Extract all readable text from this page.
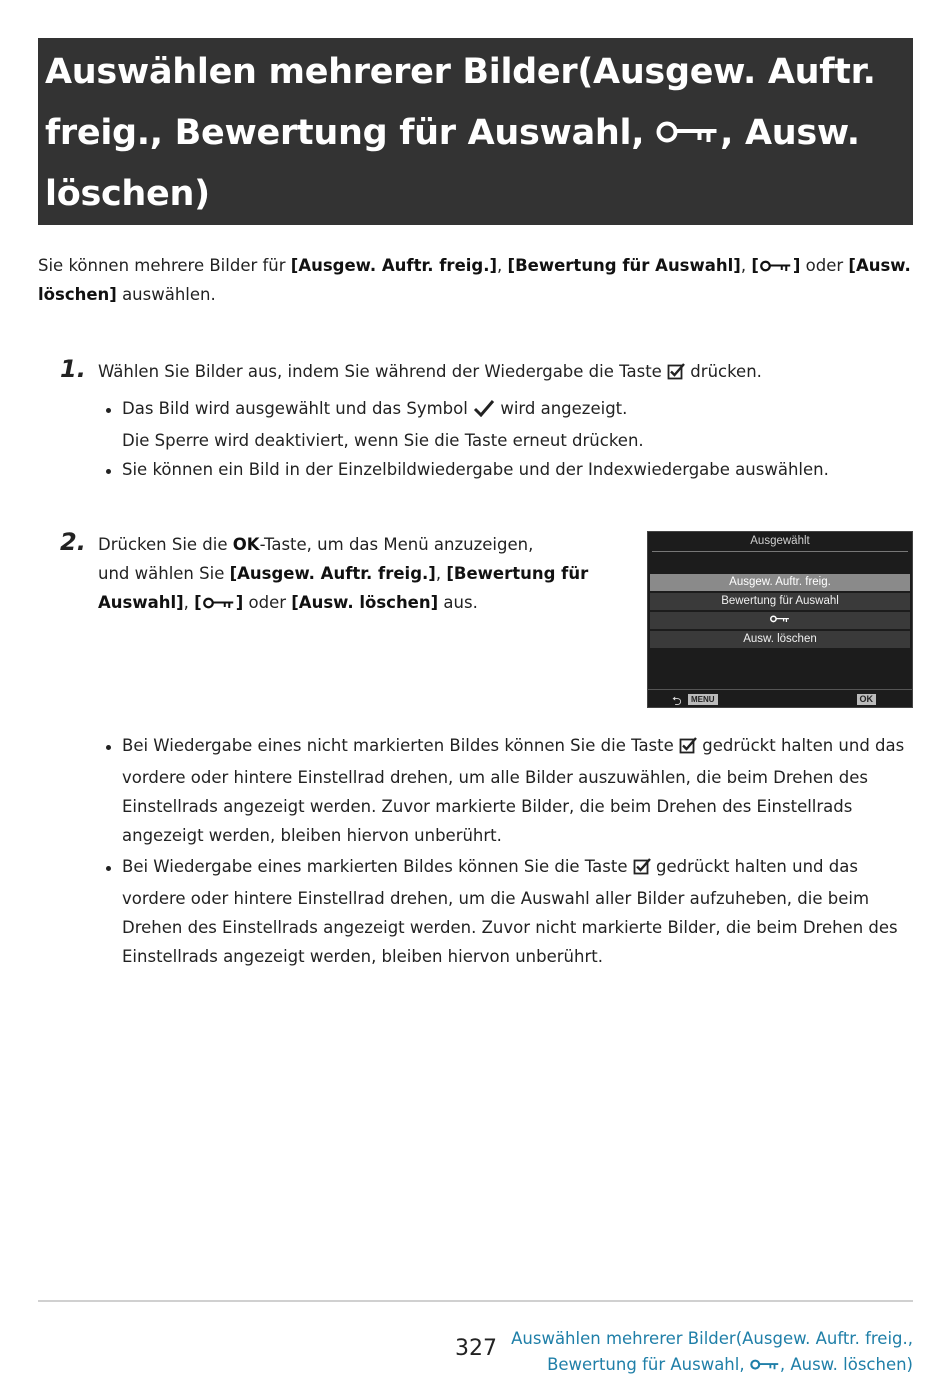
Auswählen mehrerer Bilder(Ausgew. Auftr.
freig., Bewertung für Auswahl, , Ausw.
löschen)
Sie können mehrere Bilder für [Ausgew. Auftr. freig.], [Bewertung für Auswahl], [ ] oder [Ausw.
löschen] auswählen.
1. Wählen Sie Bilder aus, indem Sie während der Wiedergabe die Taste  drücken.
Das Bild wird ausgewählt und das Symbol  wird angezeigt.
Die Sperre wird deaktiviert, wenn Sie die Taste erneut drücken.
Sie können ein Bild in der Einzelbildwiedergabe und der Indexwiedergabe auswählen.
2. Drücken Sie die OK-Taste, um das Menü anzuzeigen,
und wählen Sie [Ausgew. Auftr. freig.], [Bewertung für
Auswahl], [ ] oder [Ausw. löschen] aus.
Ausgewählt
Ausgew. Auftr. freig.
Bewertung für Auswahl
Ausw. löschen
⮌	MENU	OK
Bei Wiedergabe eines nicht markierten Bildes können Sie die Taste  gedrückt halten und das vordere oder hintere Einstellrad drehen, um alle Bilder auszuwählen, die beim Drehen des Einstellrads angezeigt werden. Zuvor markierte Bilder, die beim Drehen des Einstellrads angezeigt werden, bleiben hiervon unberührt.
Bei Wiedergabe eines markierten Bildes können Sie die Taste  gedrückt halten und das vordere oder hintere Einstellrad drehen, um die Auswahl aller Bilder aufzuheben, die beim Drehen des Einstellrads angezeigt werden. Zuvor nicht markierte Bilder, die beim Drehen des Einstellrads angezeigt werden, bleiben hiervon unberührt.
327 Auswählen mehrerer Bilder(Ausgew. Auftr. freig.,
Bewertung für Auswahl,
, Ausw. löschen)
